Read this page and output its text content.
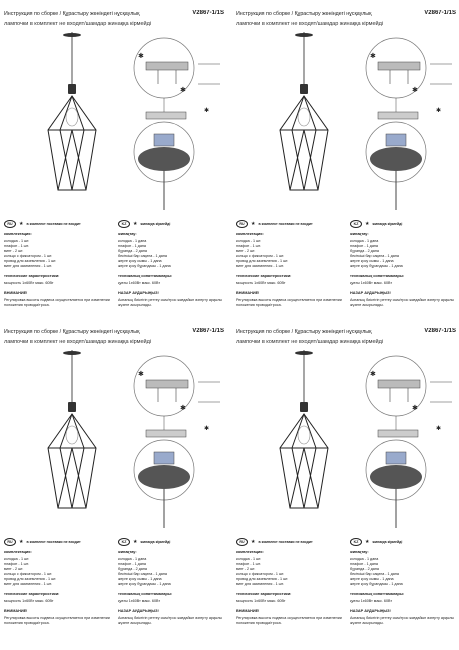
Инструкция по сборке / Құрастыру жөніндегі нұсқаулық	V2867-1/1S
лампочки в комплект не входят/шамдар жинаққа кірмейді
✱
✱
✱
RU	★ в комплект поставки не входит
комплектация:
колодка - 1 шт.
плафон - 1 шт.
винт - 2 шт.
кольцо с фиксатором - 1 шт.
провод для заземления - 1 шт.
винт для заземления - 1 шт.
технические характеристики:
мощность 1х60Вт макс. 60Вт
ВНИМАНИЕ!
Регулировка высоты подвеса осуществляется при изменении положения провода/троса.
KZ	★ жинаққа кірмейді
жинақтау:
колодка - 1 дана
плафон - 1 дана
бұранда - 2 дана
бекіткіші бар сақина - 1 дана
жерге қосу сымы - 1 дана
жерге қосу бұрандасы - 1 дана
техникалық сипаттамалары:
қуаты 1х60Вт макс. 60Вт
НАЗАР АУДАРЫҢЫЗ!
Аспаның биіктігін реттеу сым/трос жағдайын өзгерту арқылы жүзеге асырылады.
Инструкция по сборке / Құрастыру жөніндегі нұсқаулық	V2867-1/1S
лампочки в комплект не входят/шамдар жинаққа кірмейді
✱
✱
✱
RU	★ в комплект поставки не входит
комплектация:
колодка - 1 шт.
плафон - 1 шт.
винт - 2 шт.
кольцо с фиксатором - 1 шт.
провод для заземления - 1 шт.
винт для заземления - 1 шт.
технические характеристики:
мощность 1х60Вт макс. 60Вт
ВНИМАНИЕ!
Регулировка высоты подвеса осуществляется при изменении положения провода/троса.
KZ	★ жинаққа кірмейді
жинақтау:
колодка - 1 дана
плафон - 1 дана
бұранда - 2 дана
бекіткіші бар сақина - 1 дана
жерге қосу сымы - 1 дана
жерге қосу бұрандасы - 1 дана
техникалық сипаттамалары:
қуаты 1х60Вт макс. 60Вт
НАЗАР АУДАРЫҢЫЗ!
Аспаның биіктігін реттеу сым/трос жағдайын өзгерту арқылы жүзеге асырылады.
Инструкция по сборке / Құрастыру жөніндегі нұсқаулық	V2867-1/1S
лампочки в комплект не входят/шамдар жинаққа кірмейді
✱
✱
✱
RU	★ в комплект поставки не входит
комплектация:
колодка - 1 шт.
плафон - 1 шт.
винт - 2 шт.
кольцо с фиксатором - 1 шт.
провод для заземления - 1 шт.
винт для заземления - 1 шт.
технические характеристики:
мощность 1х60Вт макс. 60Вт
ВНИМАНИЕ!
Регулировка высоты подвеса осуществляется при изменении положения провода/троса.
KZ	★ жинаққа кірмейді
жинақтау:
колодка - 1 дана
плафон - 1 дана
бұранда - 2 дана
бекіткіші бар сақина - 1 дана
жерге қосу сымы - 1 дана
жерге қосу бұрандасы - 1 дана
техникалық сипаттамалары:
қуаты 1х60Вт макс. 60Вт
НАЗАР АУДАРЫҢЫЗ!
Аспаның биіктігін реттеу сым/трос жағдайын өзгерту арқылы жүзеге асырылады.
Инструкция по сборке / Құрастыру жөніндегі нұсқаулық	V2867-1/1S
лампочки в комплект не входят/шамдар жинаққа кірмейді
✱
✱
✱
RU	★ в комплект поставки не входит
комплектация:
колодка - 1 шт.
плафон - 1 шт.
винт - 2 шт.
кольцо с фиксатором - 1 шт.
провод для заземления - 1 шт.
винт для заземления - 1 шт.
технические характеристики:
мощность 1х60Вт макс. 60Вт
ВНИМАНИЕ!
Регулировка высоты подвеса осуществляется при изменении положения провода/троса.
KZ	★ жинаққа кірмейді
жинақтау:
колодка - 1 дана
плафон - 1 дана
бұранда - 2 дана
бекіткіші бар сақина - 1 дана
жерге қосу сымы - 1 дана
жерге қосу бұрандасы - 1 дана
техникалық сипаттамалары:
қуаты 1х60Вт макс. 60Вт
НАЗАР АУДАРЫҢЫЗ!
Аспаның биіктігін реттеу сым/трос жағдайын өзгерту арқылы жүзеге асырылады.
